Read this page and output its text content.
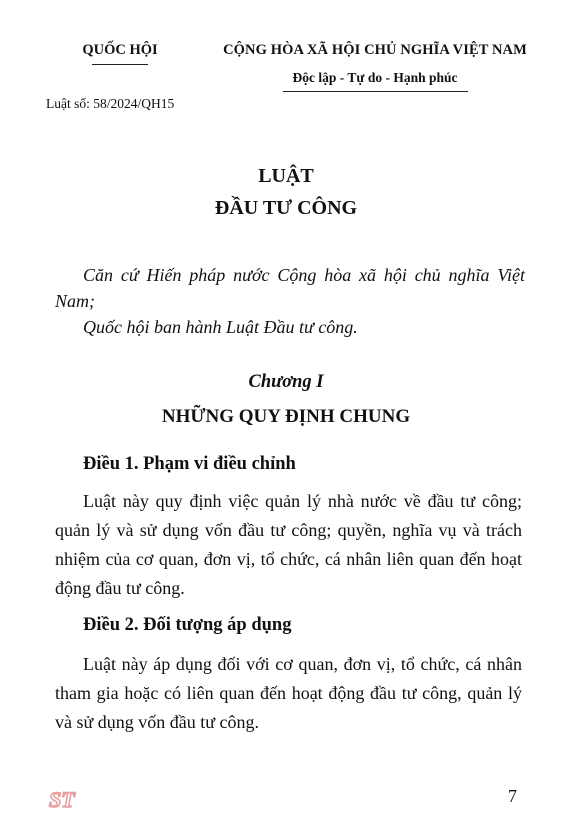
QUỐC HỘI	CỘNG HÒA XÃ HỘI CHỦ NGHĨA VIỆT NAM
Độc lập - Tự do - Hạnh phúc
Luật số: 58/2024/QH15
LUẬT
ĐẦU TƯ CÔNG
Căn cứ Hiến pháp nước Cộng hòa xã hội chủ nghĩa Việt Nam;
Quốc hội ban hành Luật Đầu tư công.
Chương I
NHỮNG QUY ĐỊNH CHUNG
Điều 1. Phạm vi điều chỉnh
Luật này quy định việc quản lý nhà nước về đầu tư công; quản lý và sử dụng vốn đầu tư công; quyền, nghĩa vụ và trách nhiệm của cơ quan, đơn vị, tổ chức, cá nhân liên quan đến hoạt động đầu tư công.
Điều 2. Đối tượng áp dụng
Luật này áp dụng đối với cơ quan, đơn vị, tổ chức, cá nhân tham gia hoặc có liên quan đến hoạt động đầu tư công, quản lý và sử dụng vốn đầu tư công.
ST	7
